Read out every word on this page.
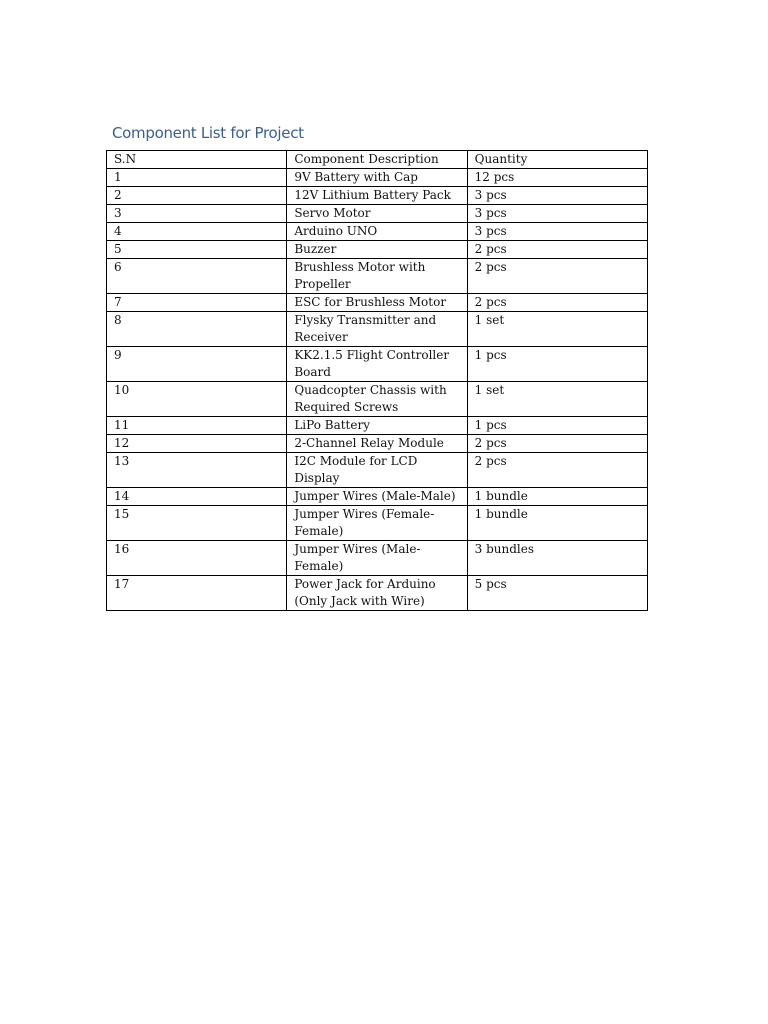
Component List for Project
S.N	Component Description	Quantity
1	9V Battery with Cap	12 pcs
2	12V Lithium Battery Pack	3 pcs
3	Servo Motor	3 pcs
4	Arduino UNO	3 pcs
5	Buzzer	2 pcs
6	Brushless Motor with Propeller	2 pcs
7	ESC for Brushless Motor	2 pcs
8	Flysky Transmitter and Receiver	1 set
9	KK2.1.5 Flight Controller Board	1 pcs
10	Quadcopter Chassis with Required Screws	1 set
11	LiPo Battery	1 pcs
12	2-Channel Relay Module	2 pcs
13	I2C Module for LCD Display	2 pcs
14	Jumper Wires (Male-Male)	1 bundle
15	Jumper Wires (Female-Female)	1 bundle
16	Jumper Wires (Male-Female)	3 bundles
17	Power Jack for Arduino (Only Jack with Wire)	5 pcs
